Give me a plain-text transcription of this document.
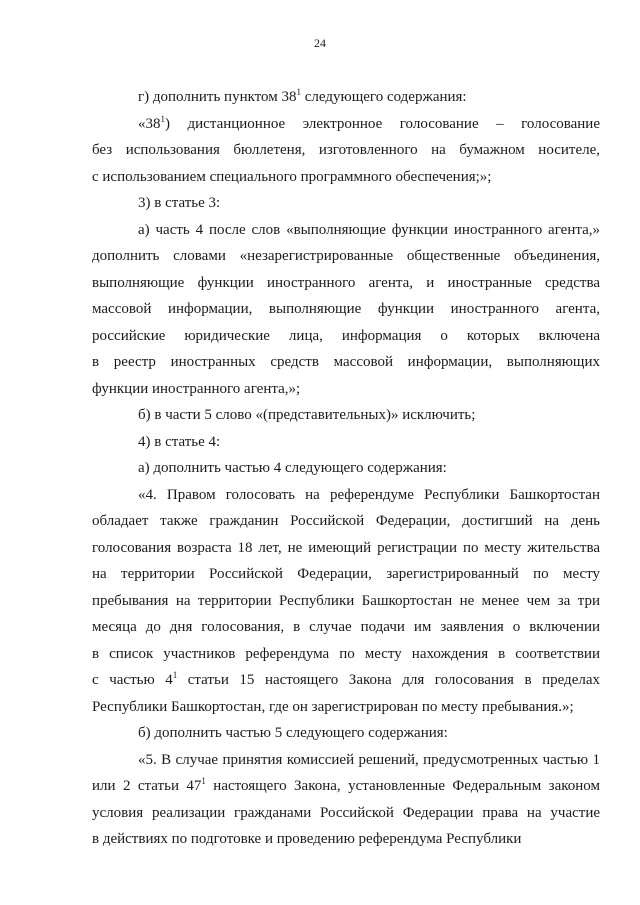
24

г) дополнить пунктом $38^1$ следующего содержания:

«$38^1$) дистанционное электронное голосование – голосование
без использования бюллетеня, изготовленного на бумажном носителе,
с использованием специального программного обеспечения;»;

3) в статье 3:

а) часть 4 после слов «выполняющие функции иностранного агента,»
дополнить словами «незарегистрированные общественные объединения,
выполняющие функции иностранного агента, и иностранные средства
массовой информации, выполняющие функции иностранного агента,
российские юридические лица, информация о которых включена
в реестр иностранных средств массовой информации, выполняющих
функции иностранного агента,»;

б) в части 5 слово «(представительных)» исключить;

4) в статье 4:

а) дополнить частью 4 следующего содержания:

«4. Правом голосовать на референдуме Республики Башкортостан
обладает также гражданин Российской Федерации, достигший на день
голосования возраста 18 лет, не имеющий регистрации по месту жительства
на территории Российской Федерации, зарегистрированный по месту
пребывания на территории Республики Башкортостан не менее чем за три
месяца до дня голосования, в случае подачи им заявления о включении
в список участников референдума по месту нахождения в соответствии
с частью $4^1$ статьи 15 настоящего Закона для голосования в пределах
Республики Башкортостан, где он зарегистрирован по месту пребывания.»;

б) дополнить частью 5 следующего содержания:

«5. В случае принятия комиссией решений, предусмотренных частью 1
или 2 статьи $47^1$ настоящего Закона, установленные Федеральным законом
условия реализации гражданами Российской Федерации права на участие
в действиях по подготовке и проведению референдума Республики
